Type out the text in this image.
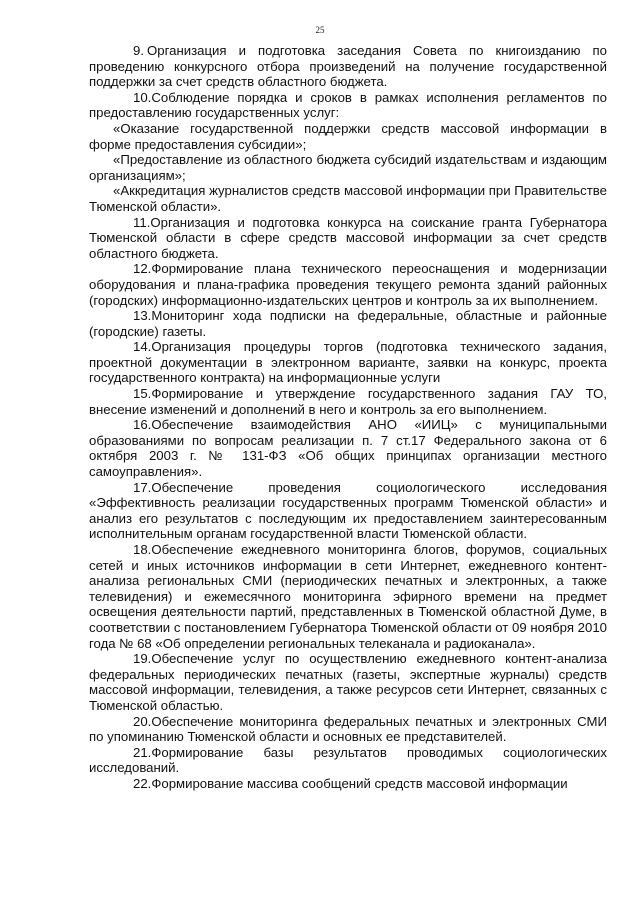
25

9. Организация и подготовка заседания Совета по книгоизданию по проведению конкурсного отбора произведений на получение государственной поддержки за счет средств областного бюджета.

10.Соблюдение порядка и сроков в рамках исполнения регламентов по предоставлению государственных услуг:

«Оказание государственной поддержки средств массовой информации в форме предоставления субсидии»;

«Предоставление из областного бюджета субсидий издательствам и издающим организациям»;

«Аккредитация журналистов средств массовой информации при Правительстве Тюменской области».

11.Организация и подготовка конкурса на соискание гранта Губернатора Тюменской области в сфере средств массовой информации за счет средств областного бюджета.

12.Формирование плана технического переоснащения и модернизации оборудования и плана-графика проведения текущего ремонта зданий районных (городских) информационно-издательских центров и контроль за их выполнением.

13.Мониторинг хода подписки на федеральные, областные и районные (городские) газеты.

14.Организация процедуры торгов (подготовка технического задания, проектной документации в электронном варианте, заявки на конкурс, проекта государственного контракта) на информационные услуги

15.Формирование и утверждение государственного задания ГАУ ТО, внесение изменений и дополнений в него и контроль за его выполнением.

16.Обеспечение взаимодействия АНО «ИИЦ» с муниципальными образованиями по вопросам реализации п. 7 ст.17 Федерального закона от 6 октября 2003 г. № 131-ФЗ «Об общих принципах организации местного самоуправления».

17.Обеспечение проведения социологического исследования «Эффективность реализации государственных программ Тюменской области» и анализ его результатов с последующим их предоставлением заинтересованным исполнительным органам государственной власти Тюменской области.

18.Обеспечение ежедневного мониторинга блогов, форумов, социальных сетей и иных источников информации в сети Интернет, ежедневного контент-анализа региональных СМИ (периодических печатных и электронных, а также телевидения) и ежемесячного мониторинга эфирного времени на предмет освещения деятельности партий, представленных в Тюменской областной Думе, в соответствии с постановлением Губернатора Тюменской области от 09 ноября 2010 года № 68 «Об определении региональных телеканала и радиоканала».

19.Обеспечение услуг по осуществлению ежедневного контент-анализа федеральных периодических печатных (газеты, экспертные журналы) средств массовой информации, телевидения, а также ресурсов сети Интернет, связанных с Тюменской областью.

20.Обеспечение мониторинга федеральных печатных и электронных СМИ по упоминанию Тюменской области и основных ее представителей.

21.Формирование базы результатов проводимых социологических исследований.

22.Формирование массива сообщений средств массовой информации
